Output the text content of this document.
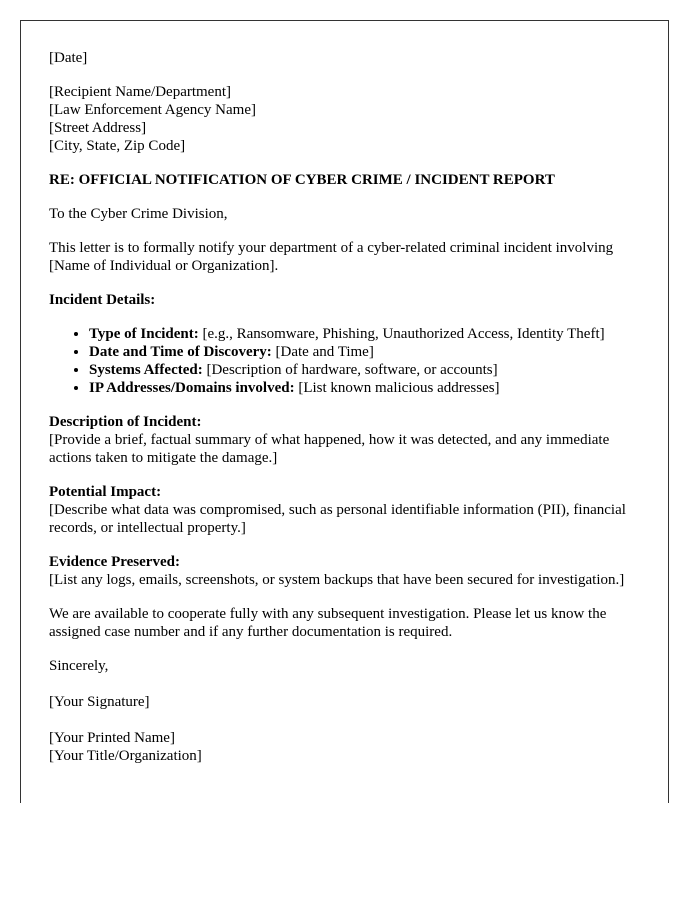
[Date]

[Recipient Name/Department]
[Law Enforcement Agency Name]
[Street Address]
[City, State, Zip Code]

RE: OFFICIAL NOTIFICATION OF CYBER CRIME / INCIDENT REPORT

To the Cyber Crime Division,

This letter is to formally notify your department of a cyber-related criminal incident involving [Name of Individual or Organization].

Incident Details:

• Type of Incident: [e.g., Ransomware, Phishing, Unauthorized Access, Identity Theft]
• Date and Time of Discovery: [Date and Time]
• Systems Affected: [Description of hardware, software, or accounts]
• IP Addresses/Domains involved: [List known malicious addresses]

Description of Incident:
[Provide a brief, factual summary of what happened, how it was detected, and any immediate actions taken to mitigate the damage.]

Potential Impact:
[Describe what data was compromised, such as personal identifiable information (PII), financial records, or intellectual property.]

Evidence Preserved:
[List any logs, emails, screenshots, or system backups that have been secured for investigation.]

We are available to cooperate fully with any subsequent investigation. Please let us know the assigned case number and if any further documentation is required.

Sincerely,

[Your Signature]

[Your Printed Name]
[Your Title/Organization]
